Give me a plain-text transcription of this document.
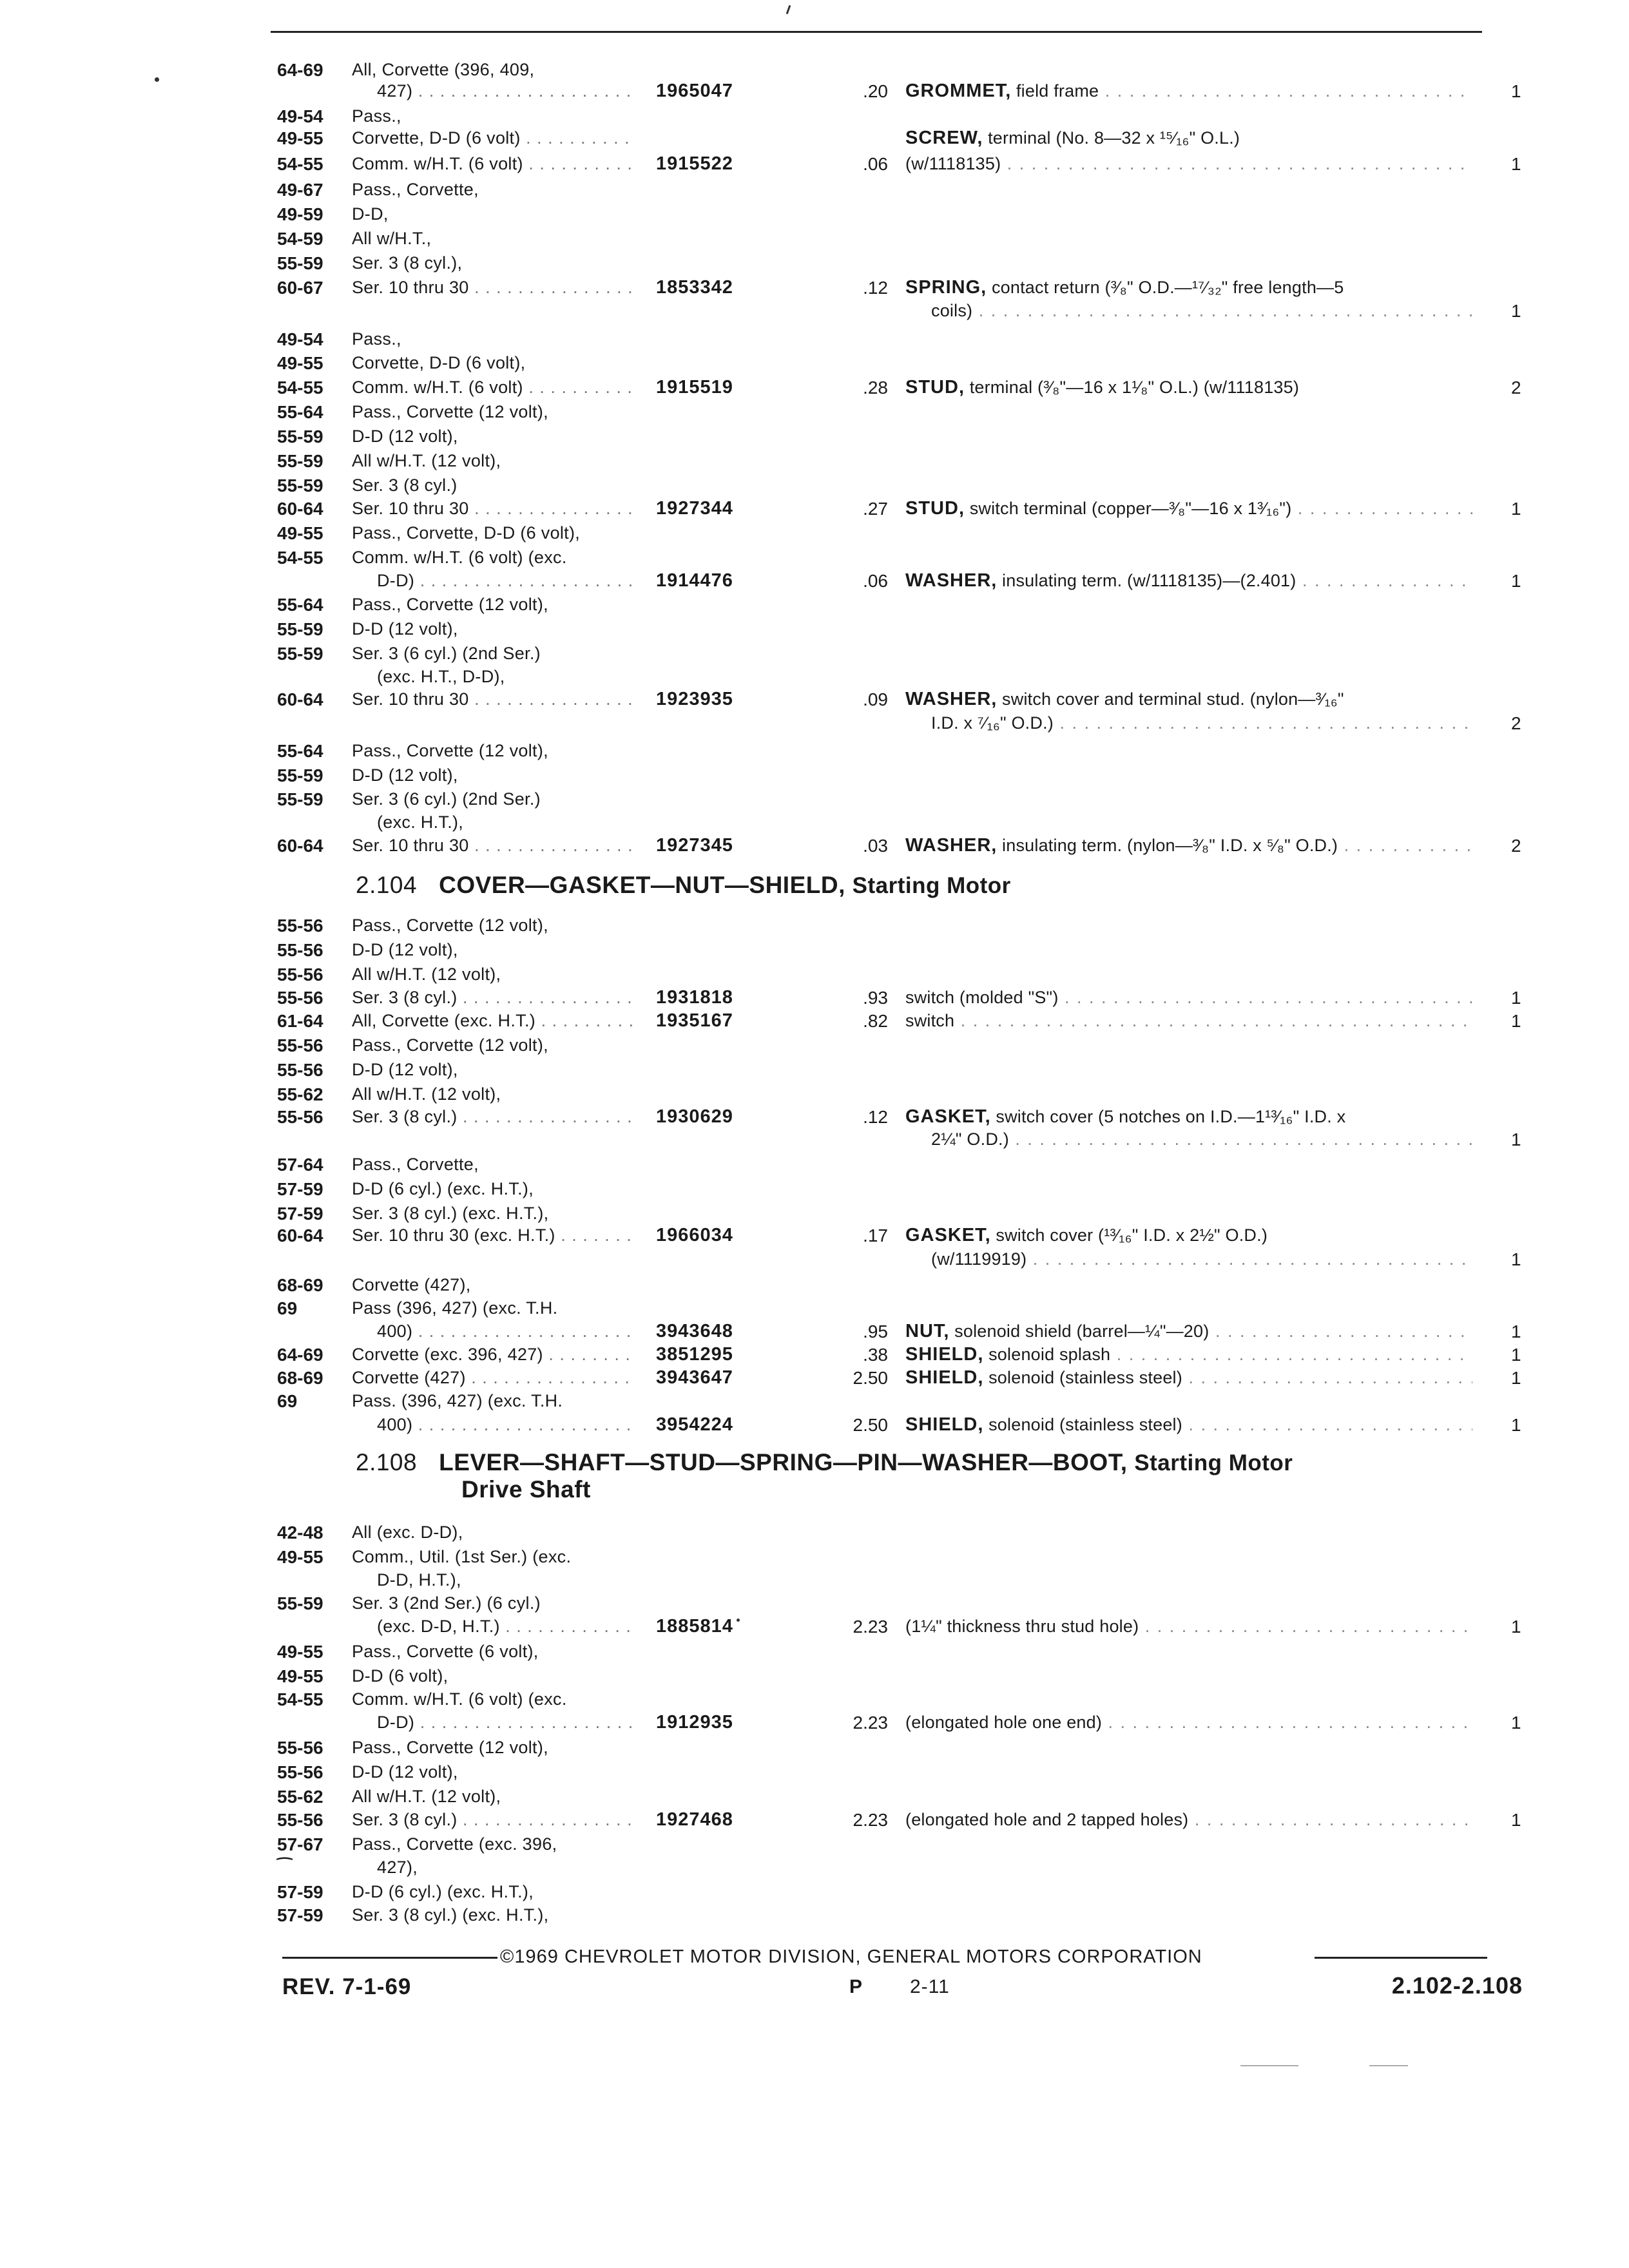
64-69 All, Corvette (396, 409,
427) . . .	1965047	.20 GROMMET, field frame . . .	1
49-54 Pass.,
49-55 Corvette, D-D (6 volt) . . .	SCREW, terminal (No. 8—32 x ¹⁵⁄₁₆" O.L.)
54-55 Comm. w/H.T. (6 volt) . . .	1915522	.06 (w/1118135) . . .	1
49-67 Pass., Corvette,
49-59 D-D,
54-59 All w/H.T.,
55-59 Ser. 3 (8 cyl.),
60-67 Ser. 10 thru 30 . . .	1853342	.12 SPRING, contact return (³⁄₈" O.D.—¹⁷⁄₃₂" free length—5
coils) . . .	1
49-54 Pass.,
49-55 Corvette, D-D (6 volt),
54-55 Comm. w/H.T. (6 volt) . . .	1915519	.28 STUD, terminal (³⁄₈"—16 x 1¹⁄₈" O.L.) (w/1118135)	2
55-64 Pass., Corvette (12 volt),
55-59 D-D (12 volt),
55-59 All w/H.T. (12 volt),
55-59 Ser. 3 (8 cyl.)
60-64 Ser. 10 thru 30 . . .	1927344	.27 STUD, switch terminal (copper—³⁄₈"—16 x 1³⁄₁₆") . . .	1
49-55 Pass., Corvette, D-D (6 volt),
54-55 Comm. w/H.T. (6 volt) (exc.
D-D) . . .	1914476	.06 WASHER, insulating term. (w/1118135)—(2.401) . . .	1
55-64 Pass., Corvette (12 volt),
55-59 D-D (12 volt),
55-59 Ser. 3 (6 cyl.) (2nd Ser.)
(exc. H.T., D-D),
60-64 Ser. 10 thru 30 . . .	1923935	.09 WASHER, switch cover and terminal stud. (nylon—³⁄₁₆"
I.D. x ⁷⁄₁₆" O.D.) . . .	2
55-64 Pass., Corvette (12 volt),
55-59 D-D (12 volt),
55-59 Ser. 3 (6 cyl.) (2nd Ser.)
(exc. H.T.),
60-64 Ser. 10 thru 30 . . .	1927345	.03 WASHER, insulating term. (nylon—³⁄₈" I.D. x ⁵⁄₈" O.D.) . . .	2
55-56 Pass., Corvette (12 volt),
55-56 D-D (12 volt),
55-56 All w/H.T. (12 volt),
55-56 Ser. 3 (8 cyl.) . . .	1931818	.93 switch (molded "S") . . .	1
61-64 All, Corvette (exc. H.T.) . . .	1935167	.82 switch . . .	1
55-56 Pass., Corvette (12 volt),
55-56 D-D (12 volt),
55-62 All w/H.T. (12 volt),
55-56 Ser. 3 (8 cyl.) . . .	1930629	.12 GASKET, switch cover (5 notches on I.D.—1¹³⁄₁₆" I.D. x
2¼" O.D.) . . .	1
57-64 Pass., Corvette,
57-59 D-D (6 cyl.) (exc. H.T.),
57-59 Ser. 3 (8 cyl.) (exc. H.T.),
60-64 Ser. 10 thru 30 (exc. H.T.) . . .	1966034	.17 GASKET, switch cover (¹³⁄₁₆" I.D. x 2½" O.D.)
(w/1119919) . . .	1
68-69 Corvette (427),
69	Pass (396, 427) (exc. T.H.
400) . . .	3943648	.95 NUT, solenoid shield (barrel—¼"—20) . . .	1
64-69 Corvette (exc. 396, 427) . . .	3851295	.38 SHIELD, solenoid splash . . .	1
68-69 Corvette (427) . . .	3943647	2.50 SHIELD, solenoid (stainless steel) . . .	1
69	Pass. (396, 427) (exc. T.H.
400) . . .	3954224	2.50 SHIELD, solenoid (stainless steel) . . .	1
42-48 All (exc. D-D),
49-55 Comm., Util. (1st Ser.) (exc.
D-D, H.T.),
55-59 Ser. 3 (2nd Ser.) (6 cyl.)
(exc. D-D, H.T.) . . .	1885814	2.23 (1¼" thickness thru stud hole) . . .	1
49-55 Pass., Corvette (6 volt),
49-55 D-D (6 volt),
54-55 Comm. w/H.T. (6 volt) (exc.
D-D) . . .	1912935	2.23 (elongated hole one end) . . .	1
55-56 Pass., Corvette (12 volt),
55-56 D-D (12 volt),
55-62 All w/H.T. (12 volt),
55-56 Ser. 3 (8 cyl.) . . .	1927468	2.23 (elongated hole and 2 tapped holes) . . .	1
57-67 Pass., Corvette (exc. 396,
⁀	427),
57-59 D-D (6 cyl.) (exc. H.T.),
57-59 Ser. 3 (8 cyl.) (exc. H.T.),
2.104 COVER—GASKET—NUT—SHIELD, Starting Motor
2.108 LEVER—SHAFT—STUD—SPRING—PIN—WASHER—BOOT, Starting Motor
Drive Shaft
©1969 CHEVROLET MOTOR DIVISION, GENERAL MOTORS CORPORATION
REV. 7-1-69	P 2-11	2.102-2.108
